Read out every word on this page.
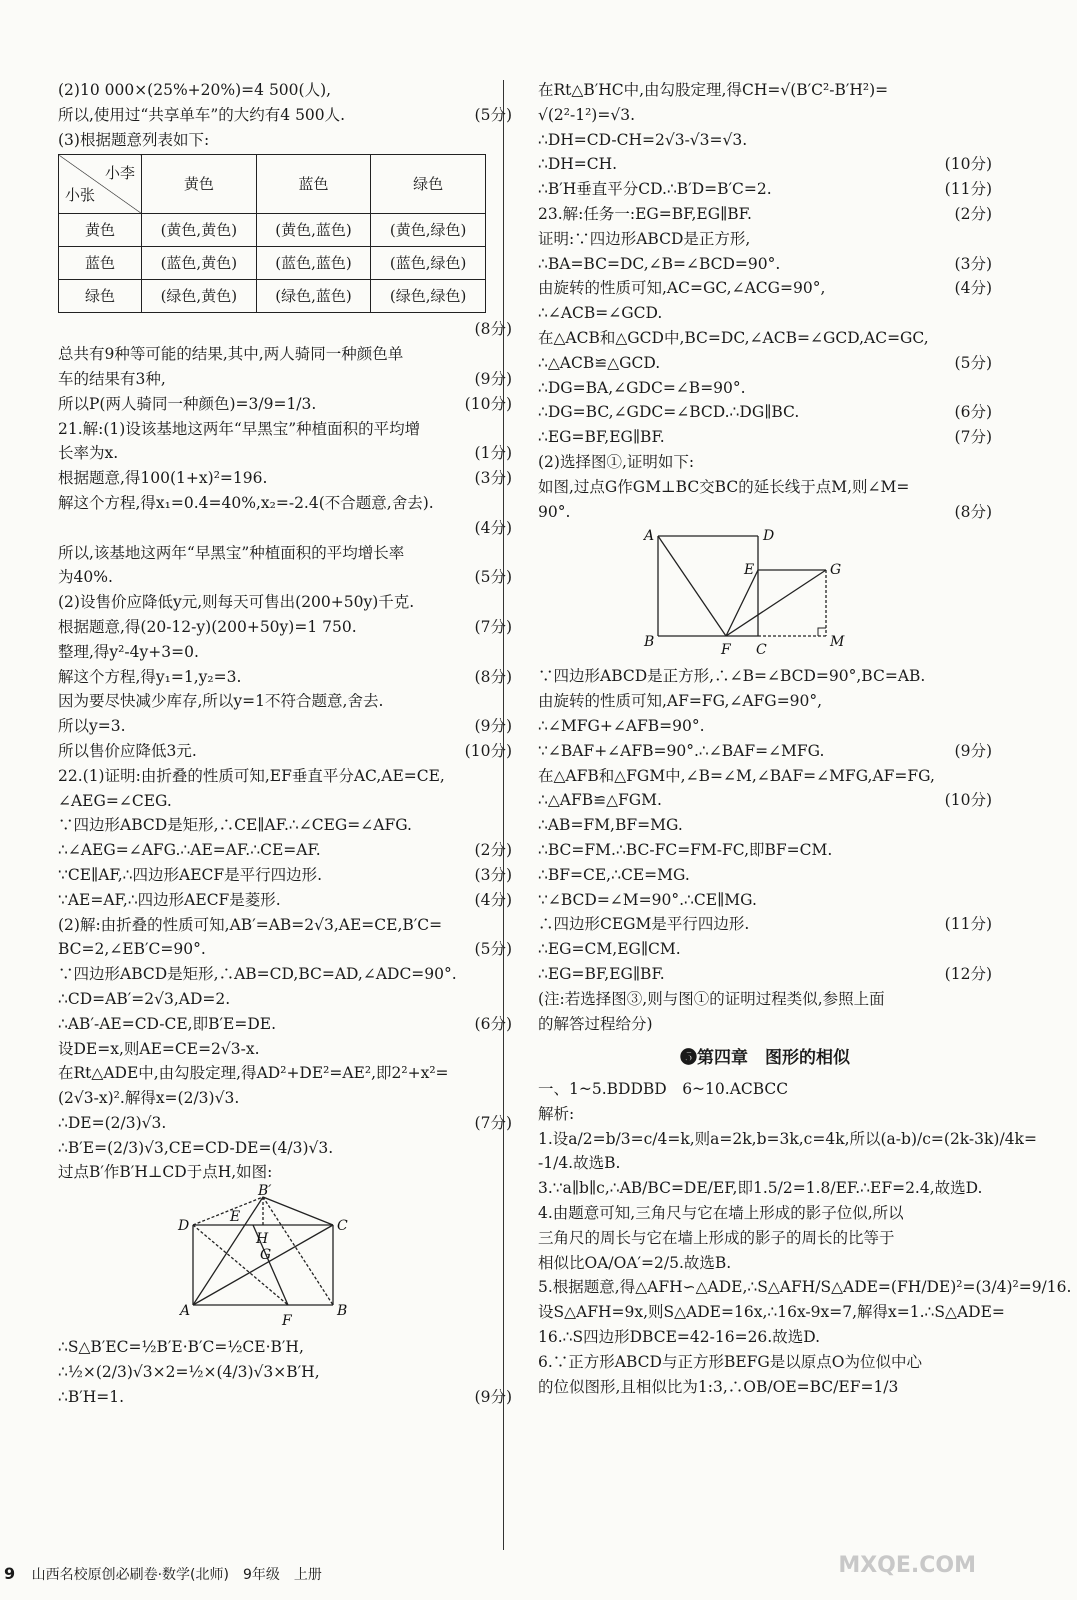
(2)10 000×(25%+20%)=4 500(人),
所以,使用过“共享单车”的大约有4 500人.	(5分)
(3)根据题意列表如下:
小李
小张	黄色	蓝色	绿色
黄色	(黄色,黄色)	(黄色,蓝色)	(黄色,绿色)
蓝色	(蓝色,黄色)	(蓝色,蓝色)	(蓝色,绿色)
绿色	(绿色,黄色)	(绿色,蓝色)	(绿色,绿色)
(8分)
总共有9种等可能的结果,其中,两人骑同一种颜色单
车的结果有3种,	(9分)
所以P(两人骑同一种颜色)=3/9=1/3.	(10分)
21.解:(1)设该基地这两年“早黑宝”种植面积的平均增
长率为x.	(1分)
根据题意,得100(1+x)²=196.	(3分)
解这个方程,得x₁=0.4=40%,x₂=-2.4(不合题意,舍去).
(4分)
所以,该基地这两年“早黑宝”种植面积的平均增长率
为40%.	(5分)
(2)设售价应降低y元,则每天可售出(200+50y)千克.
根据题意,得(20-12-y)(200+50y)=1 750.	(7分)
整理,得y²-4y+3=0.
解这个方程,得y₁=1,y₂=3.	(8分)
因为要尽快减少库存,所以y=1不符合题意,舍去.
所以y=3.	(9分)
所以售价应降低3元.	(10分)
22.(1)证明:由折叠的性质可知,EF垂直平分AC,AE=CE,
∠AEG=∠CEG.
∵四边形ABCD是矩形,∴CE∥AF.∴∠CEG=∠AFG.
∴∠AEG=∠AFG.∴AE=AF.∴CE=AF.	(2分)
∵CE∥AF,∴四边形AECF是平行四边形.	(3分)
∵AE=AF,∴四边形AECF是菱形.	(4分)
(2)解:由折叠的性质可知,AB′=AB=2√3,AE=CE,B′C=
BC=2,∠EB′C=90°.	(5分)
∵四边形ABCD是矩形,∴AB=CD,BC=AD,∠ADC=90°.
∴CD=AB′=2√3,AD=2.
∴AB′-AE=CD-CE,即B′E=DE.	(6分)
设DE=x,则AE=CE=2√3-x.
在Rt△ADE中,由勾股定理,得AD²+DE²=AE²,即2²+x²=
(2√3-x)².解得x=(2/3)√3.
∴DE=(2/3)√3.	(7分)
∴B′E=(2/3)√3,CE=CD-DE=(4/3)√3.
过点B′作B′H⊥CD于点H,如图:
B′
E
D	C
H
G
A	B
F
∴S△B′EC=½B′E·B′C=½CE·B′H,
∴½×(2/3)√3×2=½×(4/3)√3×B′H,
∴B′H=1.	(9分)
在Rt△B′HC中,由勾股定理,得CH=√(B′C²-B′H²)=
√(2²-1²)=√3.
∴DH=CD-CH=2√3-√3=√3.
∴DH=CH.	(10分)
∴B′H垂直平分CD.∴B′D=B′C=2.	(11分)
23.解:任务一:EG=BF,EG∥BF.	(2分)
证明:∵四边形ABCD是正方形,
∴BA=BC=DC,∠B=∠BCD=90°.	(3分)
由旋转的性质可知,AC=GC,∠ACG=90°,	(4分)
∴∠ACB=∠GCD.
在△ACB和△GCD中,BC=DC,∠ACB=∠GCD,AC=GC,
∴△ACB≌△GCD.	(5分)
∴DG=BA,∠GDC=∠B=90°.
∴DG=BC,∠GDC=∠BCD.∴DG∥BC.	(6分)
∴EG=BF,EG∥BF.	(7分)
(2)选择图①,证明如下:
如图,过点G作GM⊥BC交BC的延长线于点M,则∠M=
90°.	(8分)
A	D
E	G
B	F C	M
∵四边形ABCD是正方形,∴∠B=∠BCD=90°,BC=AB.
由旋转的性质可知,AF=FG,∠AFG=90°,
∴∠MFG+∠AFB=90°.
∵∠BAF+∠AFB=90°.∴∠BAF=∠MFG.	(9分)
在△AFB和△FGM中,∠B=∠M,∠BAF=∠MFG,AF=FG,
∴△AFB≌△FGM.	(10分)
∴AB=FM,BF=MG.
∴BC=FM.∴BC-FC=FM-FC,即BF=CM.
∴BF=CE,∴CE=MG.
∵∠BCD=∠M=90°.∴CE∥MG.
∴四边形CEGM是平行四边形.	(11分)
∴EG=CM,EG∥CM.
∴EG=BF,EG∥BF.	(12分)
(注:若选择图③,则与图①的证明过程类似,参照上面
的解答过程给分)
❺第四章　图形的相似
一、1~5.BDDBD　6~10.ACBCC
解析:
1.设a/2=b/3=c/4=k,则a=2k,b=3k,c=4k,所以(a-b)/c=(2k-3k)/4k=
-1/4.故选B.
3.∵a∥b∥c,∴AB/BC=DE/EF,即1.5/2=1.8/EF.∴EF=2.4,故选D.
4.由题意可知,三角尺与它在墙上形成的影子位似,所以
三角尺的周长与它在墙上形成的影子的周长的比等于
相似比OA/OA′=2/5.故选B.
5.根据题意,得△AFH∽△ADE,∴S△AFH/S△ADE=(FH/DE)²=(3/4)²=9/16.
设S△AFH=9x,则S△ADE=16x,∴16x-9x=7,解得x=1.∴S△ADE=
16.∴S四边形DBCE=42-16=26.故选D.
6.∵正方形ABCD与正方形BEFG是以原点O为位似中心
的位似图形,且相似比为1:3,∴OB/OE=BC/EF=1/3
9 山西名校原创必刷卷·数学(北师)　9年级　上册	MXQE.COM
